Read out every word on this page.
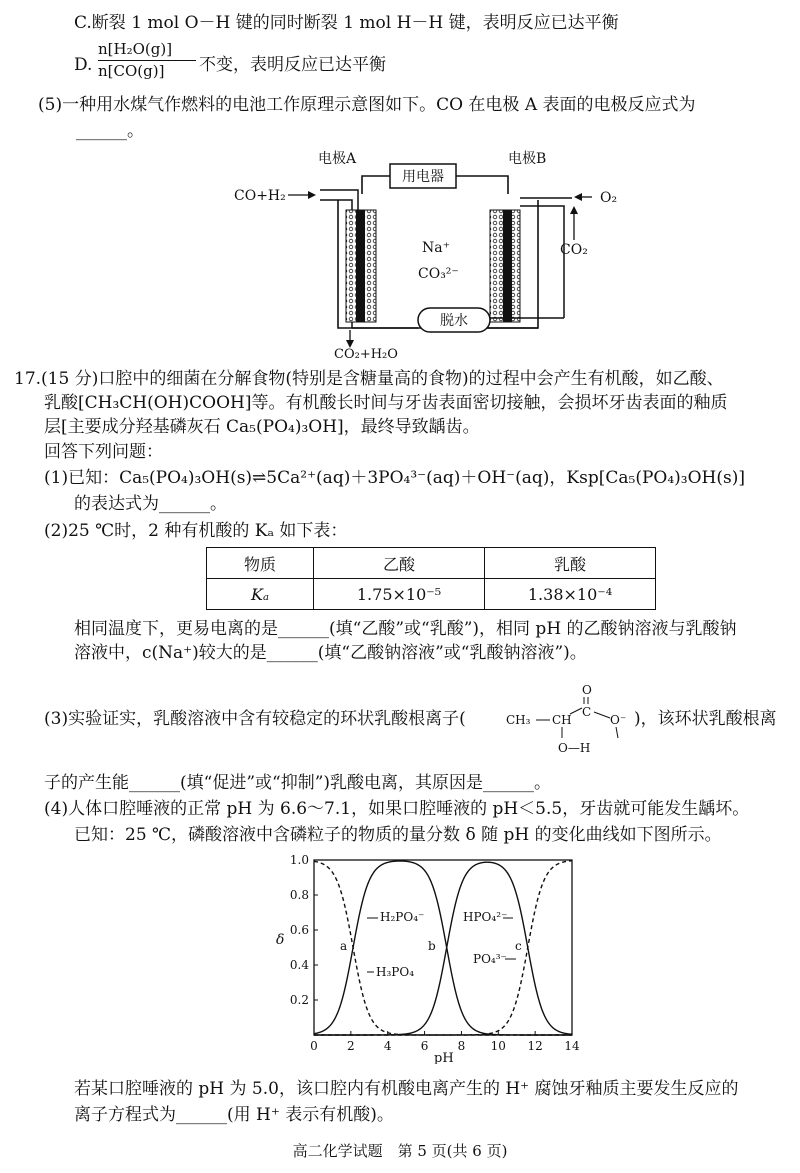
C.断裂 1 mol O－H 键的同时断裂 1 mol H－H 键，表明反应已达平衡
D.
n[H₂O(g)]
n[CO(g)] 不变，表明反应已达平衡
(5)一种用水煤气作燃料的电池工作原理示意图如下。CO 在电极 A 表面的电极反应式为
______。
电极A	电极B
用电器
CO+H₂
Na⁺
CO₃²⁻
O₂
CO₂
脱水
CO₂+H₂O
17.(15 分)口腔中的细菌在分解食物(特别是含糖量高的食物)的过程中会产生有机酸，如乙酸、
乳酸[CH₃CH(OH)COOH]等。有机酸长时间与牙齿表面密切接触，会损坏牙齿表面的釉质
层[主要成分羟基磷灰石 Ca₅(PO₄)₃OH]，最终导致龋齿。
回答下列问题：
(1)已知：Ca₅(PO₄)₃OH(s)⇌5Ca²⁺(aq)＋3PO₄³⁻(aq)＋OH⁻(aq)，Ksp[Ca₅(PO₄)₃OH(s)]
的表达式为______。
(2)25 ℃时，2 种有机酸的 Kₐ 如下表：
物质	乙酸	乳酸
Kₐ	1.75×10⁻⁵	1.38×10⁻⁴
相同温度下，更易电离的是______(填“乙酸”或“乳酸”)，相同 pH 的乙酸钠溶液与乳酸钠
溶液中，c(Na⁺)较大的是______(填“乙酸钠溶液”或“乳酸钠溶液”)。
(3)实验证实，乳酸溶液中含有较稳定的环状乳酸根离子(
O
C
CH₃ CH	O⁻
O—H
)，该环状乳酸根离
子的产生能______(填“促进”或“抑制”)乳酸电离，其原因是______。
(4)人体口腔唾液的正常 pH 为 6.6～7.1，如果口腔唾液的 pH＜5.5，牙齿就可能发生龋坏。
已知：25 ℃，磷酸溶液中含磷粒子的物质的量分数 δ 随 pH 的变化曲线如下图所示。
0 2 4 6 8 10 12 14
0.2
0.4
0.6
0.8
1.0
δ
pH
H₂PO₄⁻
H₃PO₄
HPO₄²⁻
PO₄³⁻
a	b	c
若某口腔唾液的 pH 为 5.0，该口腔内有机酸电离产生的 H⁺ 腐蚀牙釉质主要发生反应的
离子方程式为______(用 H⁺ 表示有机酸)。
高二化学试题　第 5 页(共 6 页)
